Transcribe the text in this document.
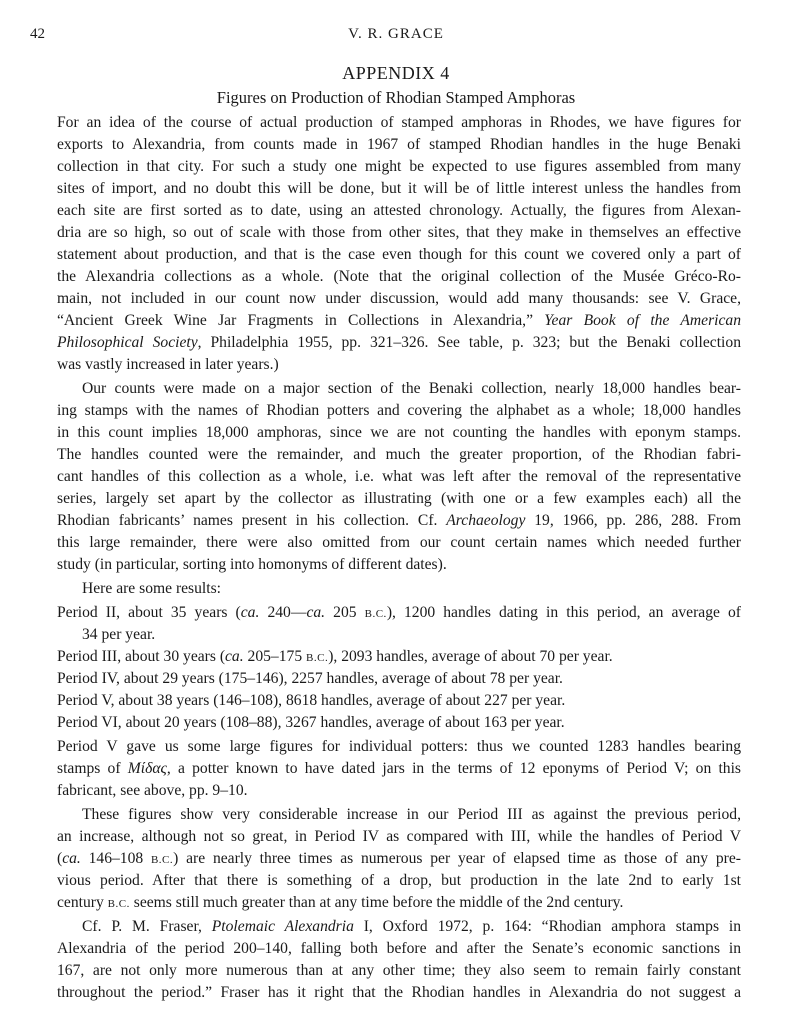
42	V. R. GRACE
APPENDIX 4
Figures on Production of Rhodian Stamped Amphoras
For an idea of the course of actual production of stamped amphoras in Rhodes, we have figures for
exports to Alexandria, from counts made in 1967 of stamped Rhodian handles in the huge Benaki
collection in that city. For such a study one might be expected to use figures assembled from many
sites of import, and no doubt this will be done, but it will be of little interest unless the handles from
each site are first sorted as to date, using an attested chronology. Actually, the figures from Alexan-
dria are so high, so out of scale with those from other sites, that they make in themselves an effective
statement about production, and that is the case even though for this count we covered only a part of
the Alexandria collections as a whole. (Note that the original collection of the Musée Gréco-Ro-
main, not included in our count now under discussion, would add many thousands: see V. Grace,
“Ancient Greek Wine Jar Fragments in Collections in Alexandria,” Year Book of the American
Philosophical Society, Philadelphia 1955, pp. 321–326. See table, p. 323; but the Benaki collection
was vastly increased in later years.)
Our counts were made on a major section of the Benaki collection, nearly 18,000 handles bear-
ing stamps with the names of Rhodian potters and covering the alphabet as a whole; 18,000 handles
in this count implies 18,000 amphoras, since we are not counting the handles with eponym stamps.
The handles counted were the remainder, and much the greater proportion, of the Rhodian fabri-
cant handles of this collection as a whole, i.e. what was left after the removal of the representative
series, largely set apart by the collector as illustrating (with one or a few examples each) all the
Rhodian fabricants’ names present in his collection. Cf. Archaeology 19, 1966, pp. 286, 288. From
this large remainder, there were also omitted from our count certain names which needed further
study (in particular, sorting into homonyms of different dates).
Here are some results:
Period II, about 35 years (ca. 240—ca. 205 B.C.), 1200 handles dating in this period, an average of
34 per year.
Period III, about 30 years (ca. 205–175 B.C.), 2093 handles, average of about 70 per year.
Period IV, about 29 years (175–146), 2257 handles, average of about 78 per year.
Period V, about 38 years (146–108), 8618 handles, average of about 227 per year.
Period VI, about 20 years (108–88), 3267 handles, average of about 163 per year.
Period V gave us some large figures for individual potters: thus we counted 1283 handles bearing
stamps of Μίδας, a potter known to have dated jars in the terms of 12 eponyms of Period V; on this
fabricant, see above, pp. 9–10.
These figures show very considerable increase in our Period III as against the previous period,
an increase, although not so great, in Period IV as compared with III, while the handles of Period V
(ca. 146–108 B.C.) are nearly three times as numerous per year of elapsed time as those of any pre-
vious period. After that there is something of a drop, but production in the late 2nd to early 1st
century B.C. seems still much greater than at any time before the middle of the 2nd century.
Cf. P. M. Fraser, Ptolemaic Alexandria I, Oxford 1972, p. 164: “Rhodian amphora stamps in
Alexandria of the period 200–140, falling both before and after the Senate’s economic sanctions in
167, are not only more numerous than at any other time; they also seem to remain fairly constant
throughout the period.” Fraser has it right that the Rhodian handles in Alexandria do not suggest a
